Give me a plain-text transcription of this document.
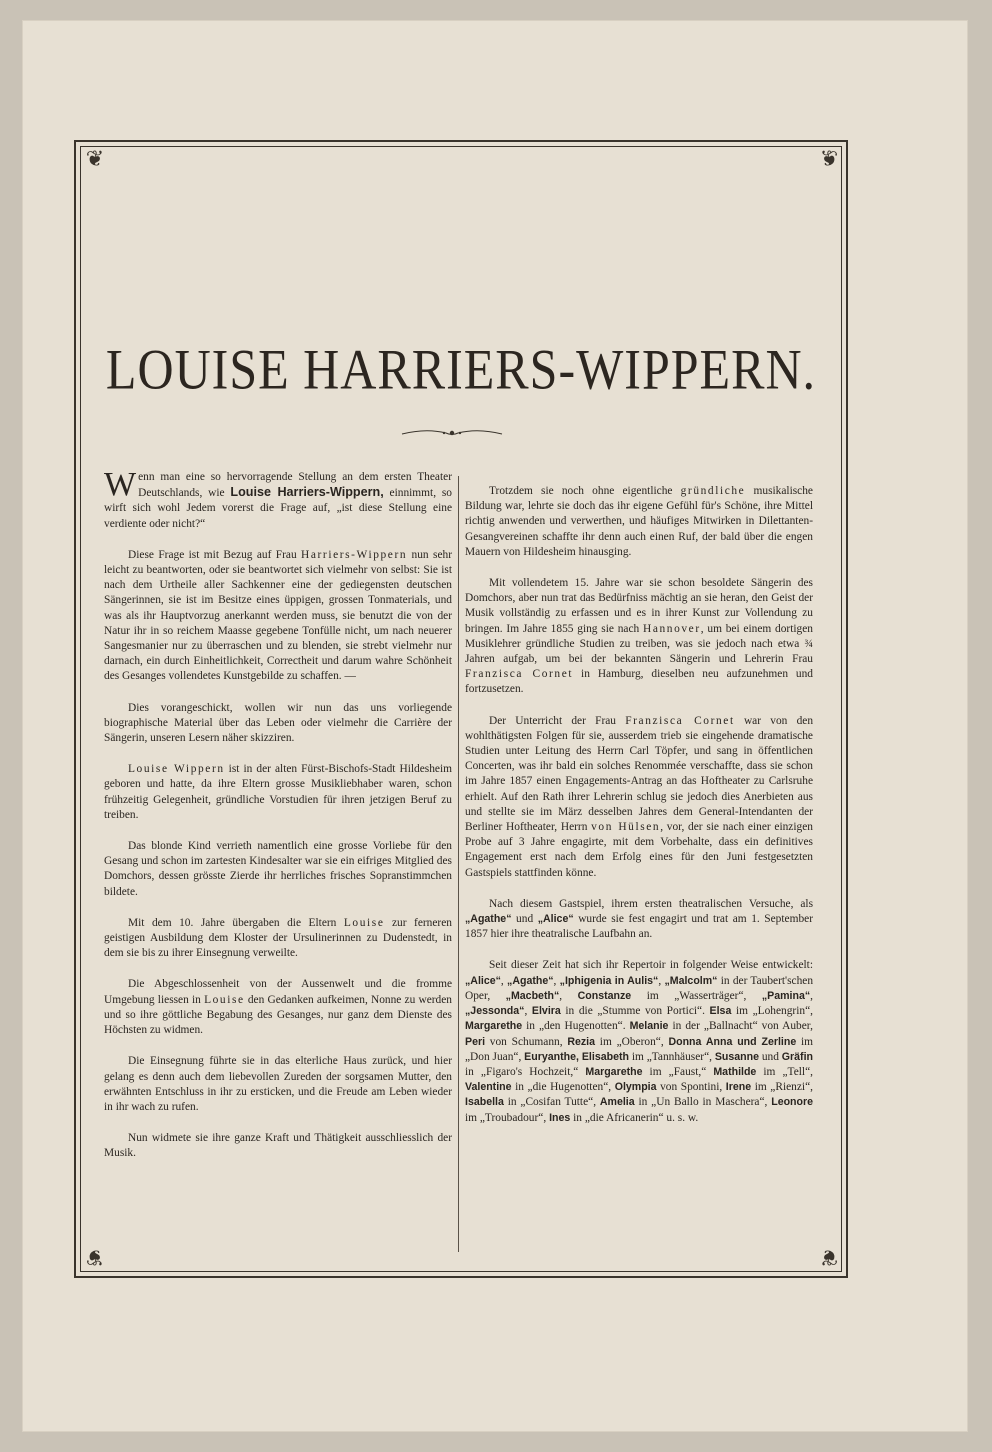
❦	❦
❦	❦
LOUISE HARRIERS-WIPPERN.

Wenn man eine so hervorragende Stellung an dem ersten Theater Deutschlands, wie Louise Harriers-Wippern, einnimmt, so wirft sich wohl Jedem vorerst die Frage auf, „ist diese Stellung eine verdiente oder nicht?“

Diese Frage ist mit Bezug auf Frau Harriers-Wippern nun sehr leicht zu beantworten, oder sie beantwortet sich vielmehr von selbst: Sie ist nach dem Urtheile aller Sachkenner eine der gediegensten deutschen Sängerinnen, sie ist im Besitze eines üppigen, grossen Tonmaterials, und was als ihr Hauptvorzug anerkannt werden muss, sie benutzt die von der Natur ihr in so reichem Maasse gegebene Tonfülle nicht, um nach neuerer Sangesmanier nur zu überraschen und zu blenden, sie strebt vielmehr nur darnach, ein durch Einheitlichkeit, Correctheit und darum wahre Schönheit des Gesanges vollendetes Kunstgebilde zu schaffen. —

Dies vorangeschickt, wollen wir nun das uns vorliegende biographische Material über das Leben oder vielmehr die Carrière der Sängerin, unseren Lesern näher skizziren.

Louise Wippern ist in der alten Fürst-Bischofs-Stadt Hildesheim geboren und hatte, da ihre Eltern grosse Musikliebhaber waren, schon frühzeitig Gelegenheit, gründliche Vorstudien für ihren jetzigen Beruf zu treiben.

Das blonde Kind verrieth namentlich eine grosse Vorliebe für den Gesang und schon im zartesten Kindesalter war sie ein eifriges Mitglied des Domchors, dessen grösste Zierde ihr herrliches frisches Sopranstimmchen bildete.

Mit dem 10. Jahre übergaben die Eltern Louise zur ferneren geistigen Ausbildung dem Kloster der Ursulinerinnen zu Dudenstedt, in dem sie bis zu ihrer Einsegnung verweilte.

Die Abgeschlossenheit von der Aussenwelt und die fromme Umgebung liessen in Louise den Gedanken aufkeimen, Nonne zu werden und so ihre göttliche Begabung des Gesanges, nur ganz dem Dienste des Höchsten zu widmen.

Die Einsegnung führte sie in das elterliche Haus zurück, und hier gelang es denn auch dem liebevollen Zureden der sorgsamen Mutter, den erwähnten Entschluss in ihr zu ersticken, und die Freude am Leben wieder in ihr wach zu rufen.

Nun widmete sie ihre ganze Kraft und Thätigkeit ausschliesslich der Musik.

Trotzdem sie noch ohne eigentliche gründliche musikalische Bildung war, lehrte sie doch das ihr eigene Gefühl für's Schöne, ihre Mittel richtig anwenden und verwerthen, und häufiges Mitwirken in Dilettanten-Gesangvereinen schaffte ihr denn auch einen Ruf, der bald über die engen Mauern von Hildesheim hinausging.

Mit vollendetem 15. Jahre war sie schon besoldete Sängerin des Domchors, aber nun trat das Bedürfniss mächtig an sie heran, den Geist der Musik vollständig zu erfassen und es in ihrer Kunst zur Vollendung zu bringen. Im Jahre 1855 ging sie nach Hannover, um bei einem dortigen Musiklehrer gründliche Studien zu treiben, was sie jedoch nach etwa ¾ Jahren aufgab, um bei der bekannten Sängerin und Lehrerin Frau Franzisca Cornet in Hamburg, dieselben neu aufzunehmen und fortzusetzen.

Der Unterricht der Frau Franzisca Cornet war von den wohlthätigsten Folgen für sie, ausserdem trieb sie eingehende dramatische Studien unter Leitung des Herrn Carl Töpfer, und sang in öffentlichen Concerten, was ihr bald ein solches Renommée verschaffte, dass sie schon im Jahre 1857 einen Engagements-Antrag an das Hoftheater zu Carlsruhe erhielt. Auf den Rath ihrer Lehrerin schlug sie jedoch dies Anerbieten aus und stellte sie im März desselben Jahres dem General-Intendanten der Berliner Hoftheater, Herrn von Hülsen, vor, der sie nach einer einzigen Probe auf 3 Jahre engagirte, mit dem Vorbehalte, dass ein definitives Engagement erst nach dem Erfolg eines für den Juni festgesetzten Gastspiels stattfinden könne.

Nach diesem Gastspiel, ihrem ersten theatralischen Versuche, als „Agathe“ und „Alice“ wurde sie fest engagirt und trat am 1. September 1857 hier ihre theatralische Laufbahn an.

Seit dieser Zeit hat sich ihr Repertoir in folgender Weise entwickelt: „Alice“, „Agathe“, „Iphigenia in Aulis“, „Malcolm“ in der Taubert'schen Oper, „Macbeth“, Constanze im „Wasserträger“, „Pamina“, „Jessonda“, Elvira in die „Stumme von Portici“. Elsa im „Lohengrin“, Margarethe in „den Hugenotten“. Melanie in der „Ballnacht“ von Auber, Peri von Schumann, Rezia im „Oberon“, Donna Anna und Zerline im „Don Juan“, Euryanthe, Elisabeth im „Tannhäuser“, Susanne und Gräfin in „Figaro's Hochzeit,“ Margarethe im „Faust,“ Mathilde im „Tell“, Valentine in „die Hugenotten“, Olympia von Spontini, Irene im „Rienzi“, Isabella in „Cosifan Tutte“, Amelia in „Un Ballo in Maschera“, Leonore im „Troubadour“, Ines in „die Africanerin“ u. s. w.
